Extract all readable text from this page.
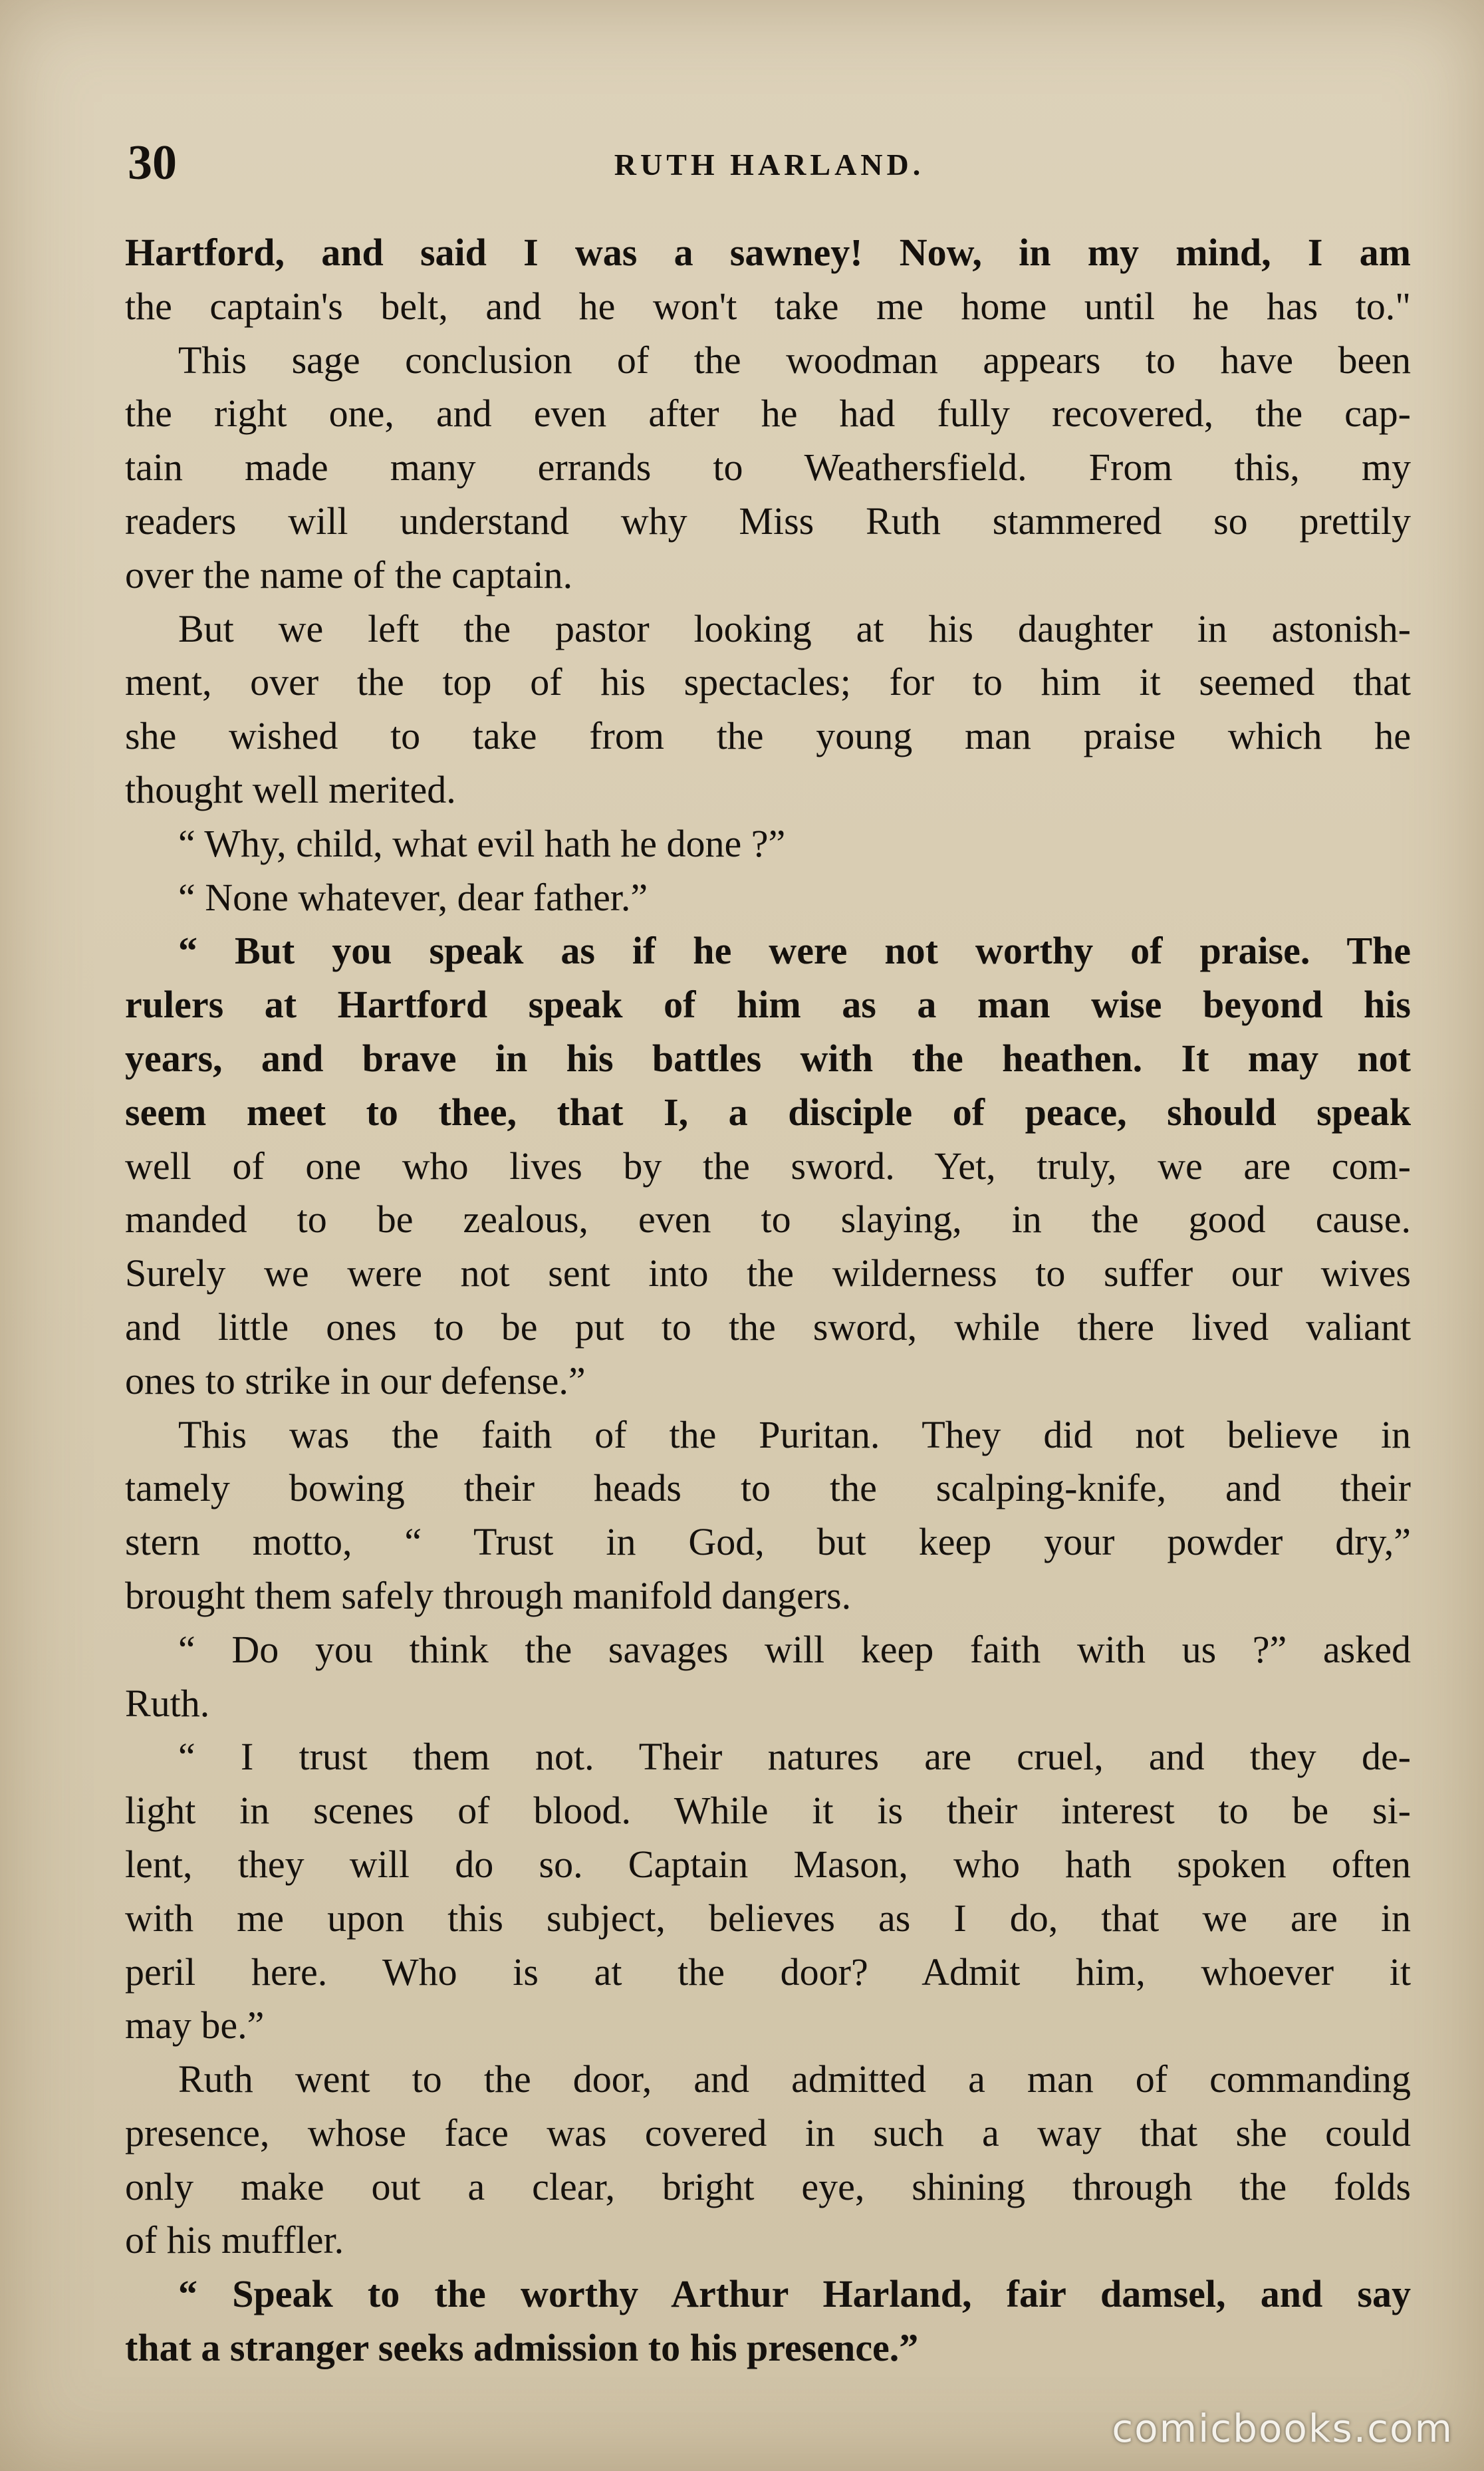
30	RUTH HARLAND.
Hartford, and said I was a sawney! Now, in my mind, I am
the captain's belt, and he won't take me home until he has to."
This sage conclusion of the woodman appears to have been
the right one, and even after he had fully recovered, the cap-
tain made many errands to Weathersfield. From this, my
readers will understand why Miss Ruth stammered so prettily
over the name of the captain.
But we left the pastor looking at his daughter in astonish-
ment, over the top of his spectacles; for to him it seemed that
she wished to take from the young man praise which he
thought well merited.
“ Why, child, what evil hath he done ?”
“ None whatever, dear father.”
“ But you speak as if he were not worthy of praise. The
rulers at Hartford speak of him as a man wise beyond his
years, and brave in his battles with the heathen. It may not
seem meet to thee, that I, a disciple of peace, should speak
well of one who lives by the sword. Yet, truly, we are com-
manded to be zealous, even to slaying, in the good cause.
Surely we were not sent into the wilderness to suffer our wives
and little ones to be put to the sword, while there lived valiant
ones to strike in our defense.”
This was the faith of the Puritan. They did not believe in
tamely bowing their heads to the scalping-knife, and their
stern motto, “ Trust in God, but keep your powder dry,”
brought them safely through manifold dangers.
“ Do you think the savages will keep faith with us ?” asked
Ruth.
“ I trust them not. Their natures are cruel, and they de-
light in scenes of blood. While it is their interest to be si-
lent, they will do so. Captain Mason, who hath spoken often
with me upon this subject, believes as I do, that we are in
peril here. Who is at the door? Admit him, whoever it
may be.”
Ruth went to the door, and admitted a man of commanding
presence, whose face was covered in such a way that she could
only make out a clear, bright eye, shining through the folds
of his muffler.
“ Speak to the worthy Arthur Harland, fair damsel, and say
that a stranger seeks admission to his presence.”
comicbooks.com
